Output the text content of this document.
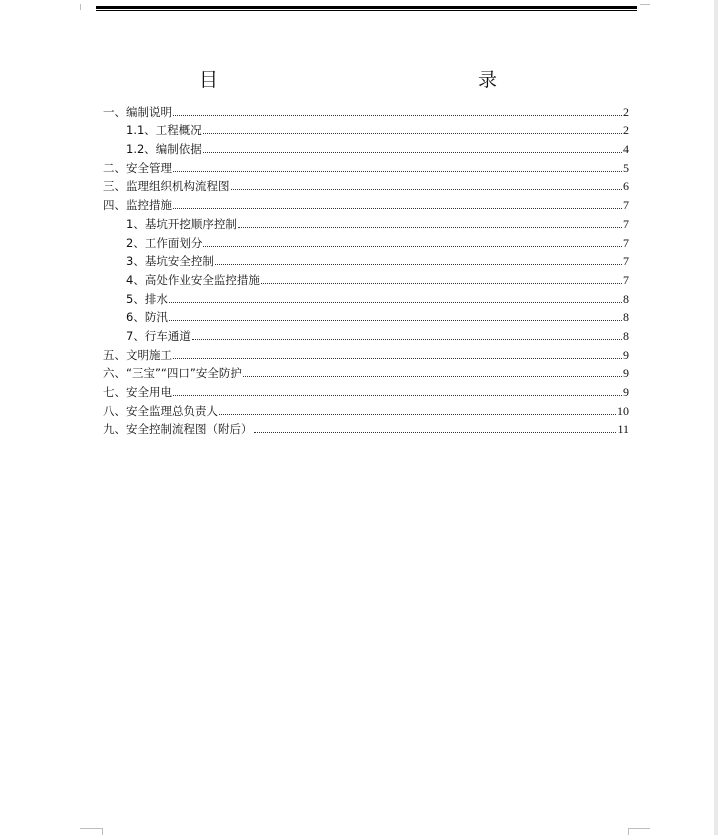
目　　录
一、编制说明	2
1.1、工程概况	2
1.2、编制依据	4
二、安全管理	5
三、监理组织机构流程图	6
四、监控措施	7
1、基坑开挖顺序控制	7
2、工作面划分	7
3、基坑安全控制	7
4、高处作业安全监控措施	7
5、排水	8
6、防汛	8
7、行车通道	8
五、文明施工	9
六、“三宝”“四口”安全防护	9
七、安全用电	9
八、安全监理总负责人	10
九、安全控制流程图（附后）	11
